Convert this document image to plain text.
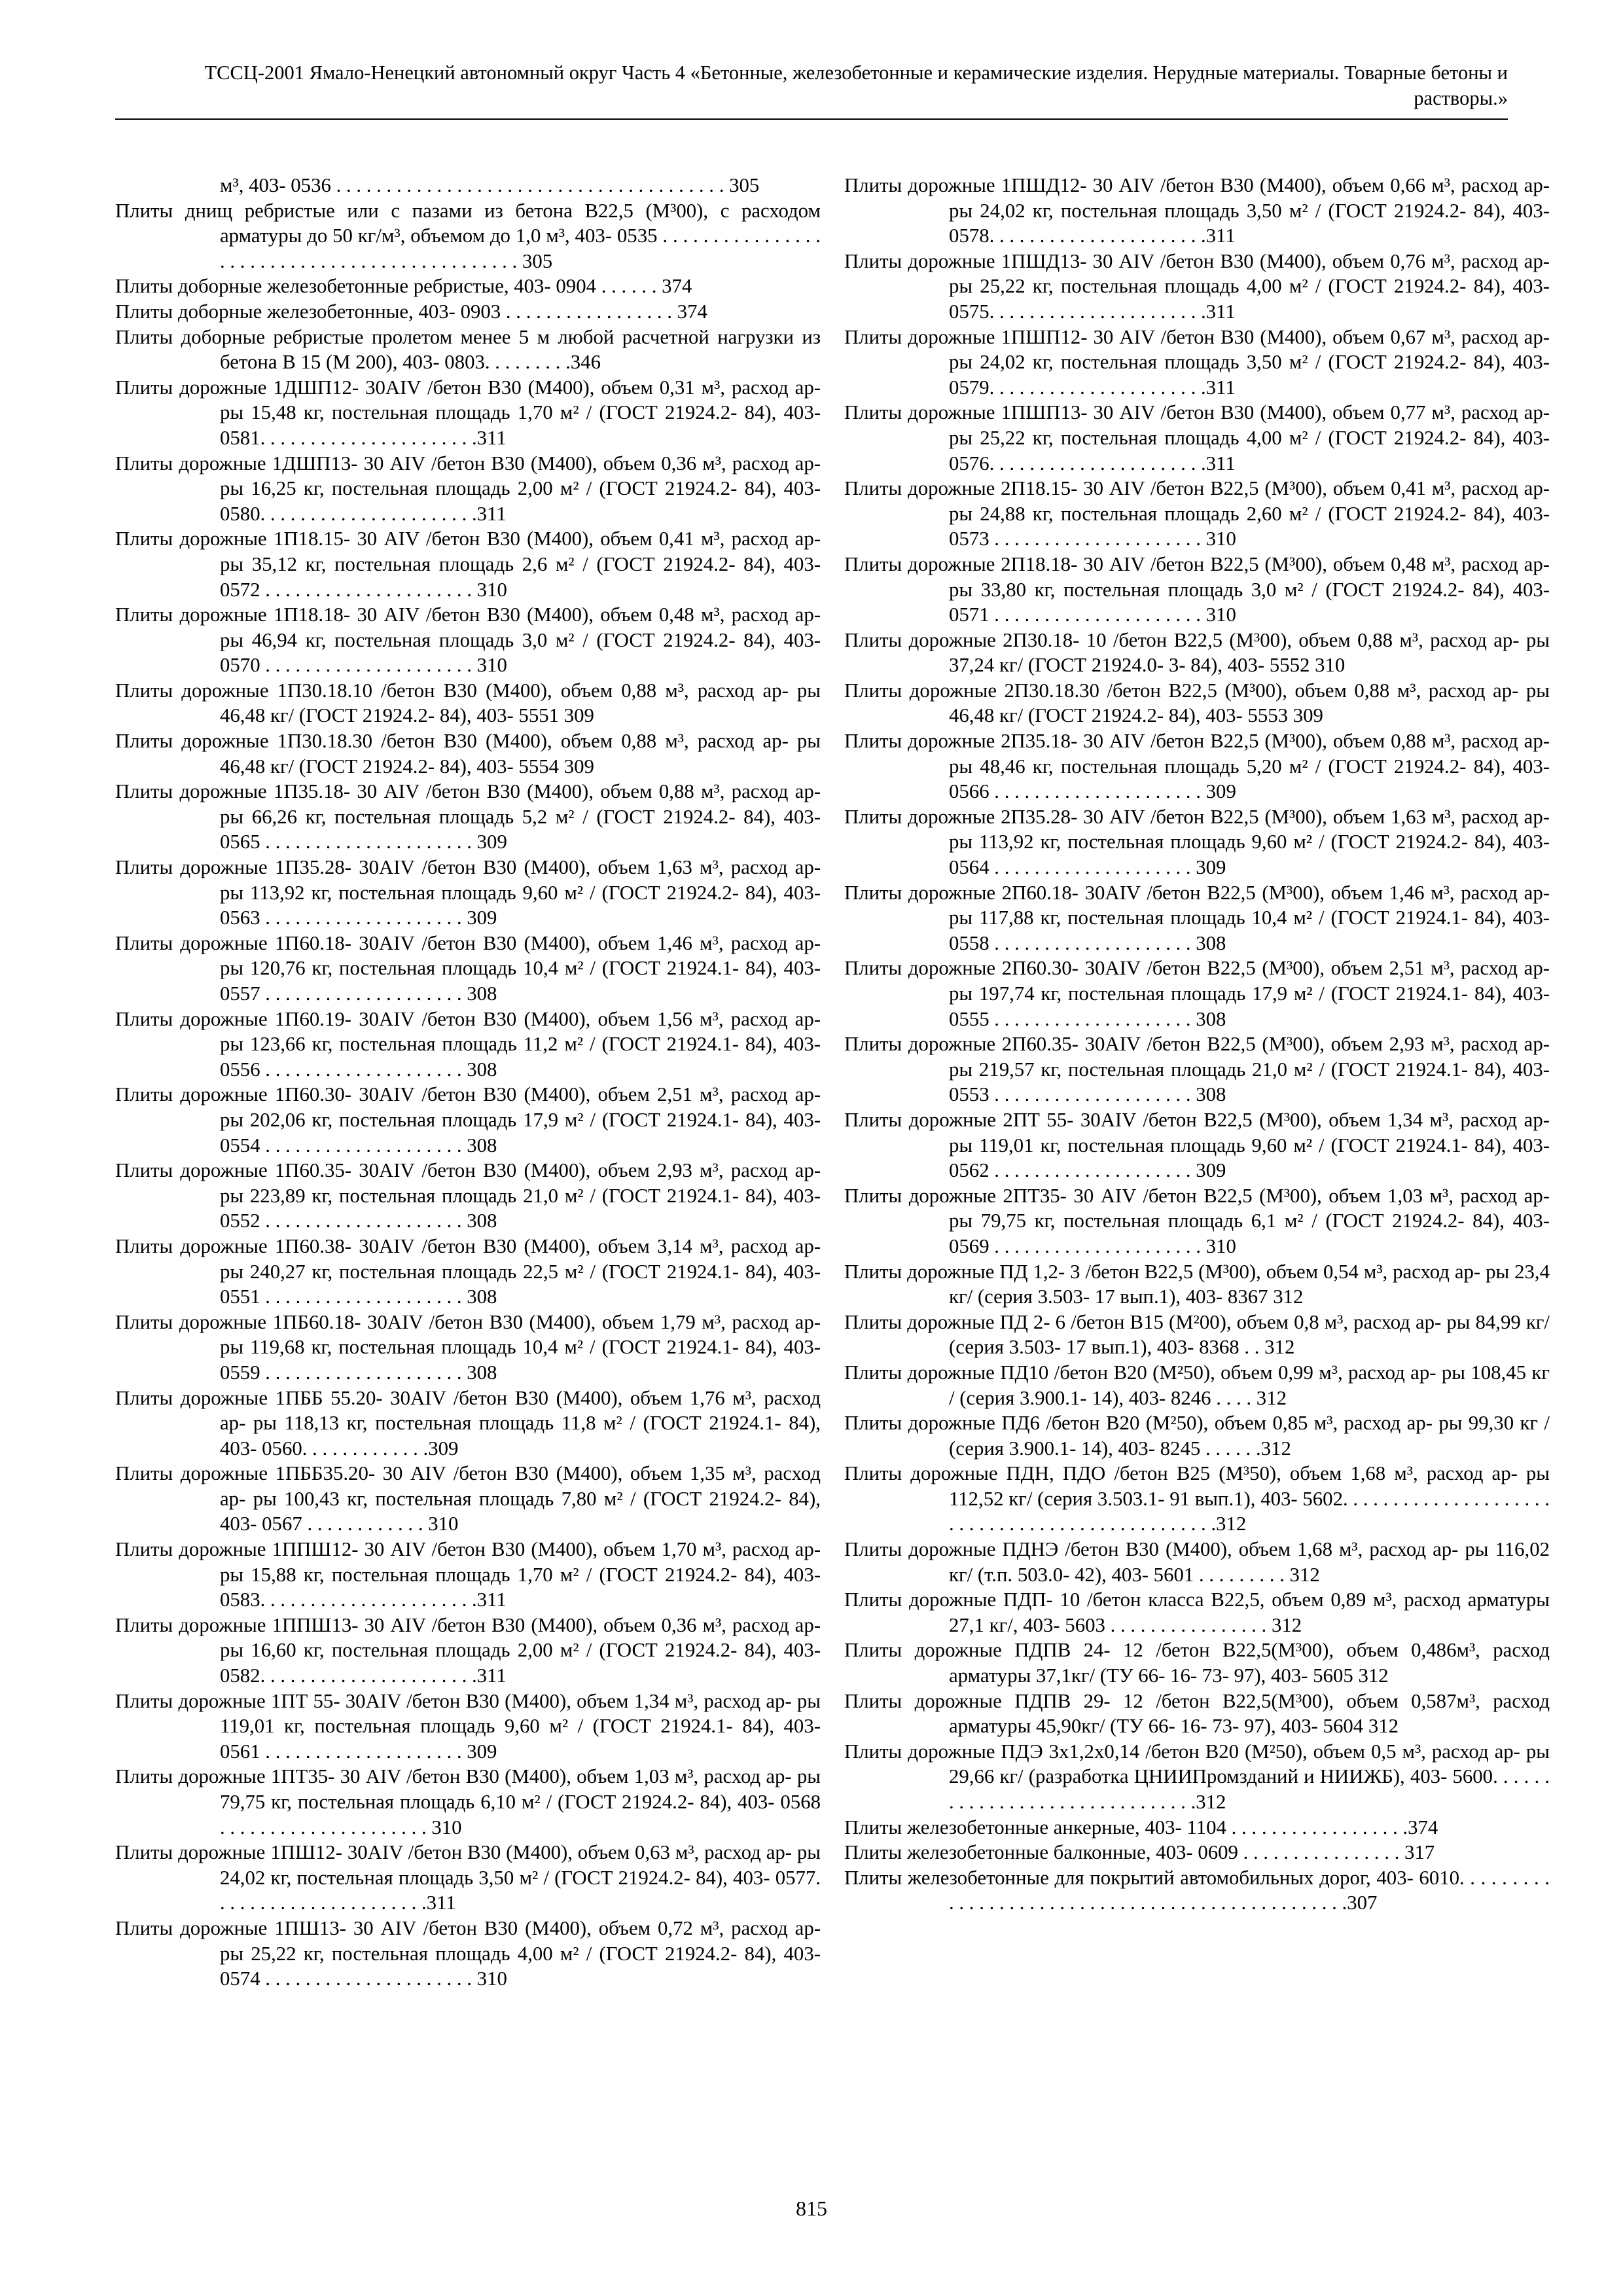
ТССЦ-2001 Ямало-Ненецкий автономный округ Часть 4 «Бетонные, железобетонные и керамические изделия. Нерудные материалы. Товарные бетоны и растворы.»
м³, 403- 0536 . . . . . . . . . . . . . . . . . . . . . . . . . . . . . . . . . . . . . . . 305
Плиты днищ ребристые или с пазами из бетона В22,5 (М³00), с расходом арматуры до 50 кг/м³, объемом до 1,0 м³, 403- 0535 . . . . . . . . . . . . . . . . . . . . . . . . . . . . . . . . . . . . . . . . . . . . . . 305
Плиты доборные железобетонные ребристые, 403- 0904 . . . . . . 374
Плиты доборные железобетонные, 403- 0903 . . . . . . . . . . . . . . . . . 374
Плиты доборные ребристые пролетом менее 5 м любой расчетной нагрузки из бетона В 15 (М 200), 403- 0803. . . . . . . . .346
Плиты дорожные 1ДШП12- 30AIV /бетон В30 (М400), объем 0,31 м³, расход ар- ры 15,48 кг, постельная площадь 1,70 м² / (ГОСТ 21924.2- 84), 403- 0581. . . . . . . . . . . . . . . . . . . . . .311
Плиты дорожные 1ДШП13- 30 AIV /бетон В30 (М400), объем 0,36 м³, расход ар- ры 16,25 кг, постельная площадь 2,00 м² / (ГОСТ 21924.2- 84), 403- 0580. . . . . . . . . . . . . . . . . . . . . .311
Плиты дорожные 1П18.15- 30 AIV /бетон В30 (М400), объем 0,41 м³, расход ар- ры 35,12 кг, постельная площадь 2,6 м² / (ГОСТ 21924.2- 84), 403- 0572 . . . . . . . . . . . . . . . . . . . . . 310
Плиты дорожные 1П18.18- 30 AIV /бетон В30 (М400), объем 0,48 м³, расход ар- ры 46,94 кг, постельная площадь 3,0 м² / (ГОСТ 21924.2- 84), 403- 0570 . . . . . . . . . . . . . . . . . . . . . 310
Плиты дорожные 1П30.18.10 /бетон В30 (М400), объем 0,88 м³, расход ар- ры 46,48 кг/ (ГОСТ 21924.2- 84), 403- 5551 309
Плиты дорожные 1П30.18.30 /бетон В30 (М400), объем 0,88 м³, расход ар- ры 46,48 кг/ (ГОСТ 21924.2- 84), 403- 5554 309
Плиты дорожные 1П35.18- 30 AIV /бетон В30 (М400), объем 0,88 м³, расход ар- ры 66,26 кг, постельная площадь 5,2 м² / (ГОСТ 21924.2- 84), 403- 0565 . . . . . . . . . . . . . . . . . . . . . 309
Плиты дорожные 1П35.28- 30AIV /бетон В30 (М400), объем 1,63 м³, расход ар- ры 113,92 кг, постельная площадь 9,60 м² / (ГОСТ 21924.2- 84), 403- 0563 . . . . . . . . . . . . . . . . . . . . 309
Плиты дорожные 1П60.18- 30AIV /бетон В30 (М400), объем 1,46 м³, расход ар- ры 120,76 кг, постельная площадь 10,4 м² / (ГОСТ 21924.1- 84), 403- 0557 . . . . . . . . . . . . . . . . . . . . 308
Плиты дорожные 1П60.19- 30AIV /бетон В30 (М400), объем 1,56 м³, расход ар- ры 123,66 кг, постельная площадь 11,2 м² / (ГОСТ 21924.1- 84), 403- 0556 . . . . . . . . . . . . . . . . . . . . 308
Плиты дорожные 1П60.30- 30AIV /бетон В30 (М400), объем 2,51 м³, расход ар- ры 202,06 кг, постельная площадь 17,9 м² / (ГОСТ 21924.1- 84), 403- 0554 . . . . . . . . . . . . . . . . . . . . 308
Плиты дорожные 1П60.35- 30AIV /бетон В30 (М400), объем 2,93 м³, расход ар- ры 223,89 кг, постельная площадь 21,0 м² / (ГОСТ 21924.1- 84), 403- 0552 . . . . . . . . . . . . . . . . . . . . 308
Плиты дорожные 1П60.38- 30AIV /бетон В30 (М400), объем 3,14 м³, расход ар- ры 240,27 кг, постельная площадь 22,5 м² / (ГОСТ 21924.1- 84), 403- 0551 . . . . . . . . . . . . . . . . . . . . 308
Плиты дорожные 1ПБ60.18- 30AIV /бетон В30 (М400), объем 1,79 м³, расход ар- ры 119,68 кг, постельная площадь 10,4 м² / (ГОСТ 21924.1- 84), 403- 0559 . . . . . . . . . . . . . . . . . . . . 308
Плиты дорожные 1ПББ 55.20- 30AIV /бетон В30 (М400), объем 1,76 м³, расход ар- ры 118,13 кг, постельная площадь 11,8 м² / (ГОСТ 21924.1- 84), 403- 0560. . . . . . . . . . . . .309
Плиты дорожные 1ПББ35.20- 30 AIV /бетон В30 (М400), объем 1,35 м³, расход ар- ры 100,43 кг, постельная площадь 7,80 м² / (ГОСТ 21924.2- 84), 403- 0567 . . . . . . . . . . . . 310
Плиты дорожные 1ППШ12- 30 AIV /бетон В30 (М400), объем 1,70 м³, расход ар- ры 15,88 кг, постельная площадь 1,70 м² / (ГОСТ 21924.2- 84), 403- 0583. . . . . . . . . . . . . . . . . . . . . .311
Плиты дорожные 1ППШ13- 30 AIV /бетон В30 (М400), объем 0,36 м³, расход ар- ры 16,60 кг, постельная площадь 2,00 м² / (ГОСТ 21924.2- 84), 403- 0582. . . . . . . . . . . . . . . . . . . . . .311
Плиты дорожные 1ПТ 55- 30AIV /бетон В30 (М400), объем 1,34 м³, расход ар- ры 119,01 кг, постельная площадь 9,60 м² / (ГОСТ 21924.1- 84), 403- 0561 . . . . . . . . . . . . . . . . . . . . 309
Плиты дорожные 1ПТ35- 30 AIV /бетон В30 (М400), объем 1,03 м³, расход ар- ры 79,75 кг, постельная площадь 6,10 м² / (ГОСТ 21924.2- 84), 403- 0568 . . . . . . . . . . . . . . . . . . . . . 310
Плиты дорожные 1ПШ12- 30AIV /бетон В30 (М400), объем 0,63 м³, расход ар- ры 24,02 кг, постельная площадь 3,50 м² / (ГОСТ 21924.2- 84), 403- 0577. . . . . . . . . . . . . . . . . . . . . .311
Плиты дорожные 1ПШ13- 30 AIV /бетон В30 (М400), объем 0,72 м³, расход ар- ры 25,22 кг, постельная площадь 4,00 м² / (ГОСТ 21924.2- 84), 403- 0574 . . . . . . . . . . . . . . . . . . . . . 310
Плиты дорожные 1ПШД12- 30 AIV /бетон В30 (М400), объем 0,66 м³, расход ар- ры 24,02 кг, постельная площадь 3,50 м² / (ГОСТ 21924.2- 84), 403- 0578. . . . . . . . . . . . . . . . . . . . . .311
Плиты дорожные 1ПШД13- 30 AIV /бетон В30 (М400), объем 0,76 м³, расход ар- ры 25,22 кг, постельная площадь 4,00 м² / (ГОСТ 21924.2- 84), 403- 0575. . . . . . . . . . . . . . . . . . . . . .311
Плиты дорожные 1ПШП12- 30 AIV /бетон В30 (М400), объем 0,67 м³, расход ар- ры 24,02 кг, постельная площадь 3,50 м² / (ГОСТ 21924.2- 84), 403- 0579. . . . . . . . . . . . . . . . . . . . . .311
Плиты дорожные 1ПШП13- 30 AIV /бетон В30 (М400), объем 0,77 м³, расход ар- ры 25,22 кг, постельная площадь 4,00 м² / (ГОСТ 21924.2- 84), 403- 0576. . . . . . . . . . . . . . . . . . . . . .311
Плиты дорожные 2П18.15- 30 AIV /бетон В22,5 (М³00), объем 0,41 м³, расход ар- ры 24,88 кг, постельная площадь 2,60 м² / (ГОСТ 21924.2- 84), 403- 0573 . . . . . . . . . . . . . . . . . . . . . 310
Плиты дорожные 2П18.18- 30 AIV /бетон В22,5 (М³00), объем 0,48 м³, расход ар- ры 33,80 кг, постельная площадь 3,0 м² / (ГОСТ 21924.2- 84), 403- 0571 . . . . . . . . . . . . . . . . . . . . . 310
Плиты дорожные 2П30.18- 10 /бетон В22,5 (М³00), объем 0,88 м³, расход ар- ры 37,24 кг/ (ГОСТ 21924.0- 3- 84), 403- 5552 310
Плиты дорожные 2П30.18.30 /бетон В22,5 (М³00), объем 0,88 м³, расход ар- ры 46,48 кг/ (ГОСТ 21924.2- 84), 403- 5553 309
Плиты дорожные 2П35.18- 30 AIV /бетон В22,5 (М³00), объем 0,88 м³, расход ар- ры 48,46 кг, постельная площадь 5,20 м² / (ГОСТ 21924.2- 84), 403- 0566 . . . . . . . . . . . . . . . . . . . . . 309
Плиты дорожные 2П35.28- 30 AIV /бетон В22,5 (М³00), объем 1,63 м³, расход ар- ры 113,92 кг, постельная площадь 9,60 м² / (ГОСТ 21924.2- 84), 403- 0564 . . . . . . . . . . . . . . . . . . . . 309
Плиты дорожные 2П60.18- 30AIV /бетон В22,5 (М³00), объем 1,46 м³, расход ар- ры 117,88 кг, постельная площадь 10,4 м² / (ГОСТ 21924.1- 84), 403- 0558 . . . . . . . . . . . . . . . . . . . . 308
Плиты дорожные 2П60.30- 30AIV /бетон В22,5 (М³00), объем 2,51 м³, расход ар- ры 197,74 кг, постельная площадь 17,9 м² / (ГОСТ 21924.1- 84), 403- 0555 . . . . . . . . . . . . . . . . . . . . 308
Плиты дорожные 2П60.35- 30AIV /бетон В22,5 (М³00), объем 2,93 м³, расход ар- ры 219,57 кг, постельная площадь 21,0 м² / (ГОСТ 21924.1- 84), 403- 0553 . . . . . . . . . . . . . . . . . . . . 308
Плиты дорожные 2ПТ 55- 30AIV /бетон В22,5 (М³00), объем 1,34 м³, расход ар- ры 119,01 кг, постельная площадь 9,60 м² / (ГОСТ 21924.1- 84), 403- 0562 . . . . . . . . . . . . . . . . . . . . 309
Плиты дорожные 2ПТ35- 30 AIV /бетон В22,5 (М³00), объем 1,03 м³, расход ар- ры 79,75 кг, постельная площадь 6,1 м² / (ГОСТ 21924.2- 84), 403- 0569 . . . . . . . . . . . . . . . . . . . . . 310
Плиты дорожные ПД 1,2- 3 /бетон В22,5 (М³00), объем 0,54 м³, расход ар- ры 23,4 кг/ (серия 3.503- 17 вып.1), 403- 8367 312
Плиты дорожные ПД 2- 6 /бетон В15 (М²00), объем 0,8 м³, расход ар- ры 84,99 кг/ (серия 3.503- 17 вып.1), 403- 8368 . . 312
Плиты дорожные ПД10 /бетон В20 (М²50), объем 0,99 м³, расход ар- ры 108,45 кг / (серия 3.900.1- 14), 403- 8246 . . . . 312
Плиты дорожные ПД6 /бетон В20 (М²50), объем 0,85 м³, расход ар- ры 99,30 кг / (серия 3.900.1- 14), 403- 8245 . . . . . .312
Плиты дорожные ПДН, ПДО /бетон В25 (М³50), объем 1,68 м³, расход ар- ры 112,52 кг/ (серия 3.503.1- 91 вып.1), 403- 5602. . . . . . . . . . . . . . . . . . . . . . . . . . . . . . . . . . . . . . . . . . . . . . . .312
Плиты дорожные ПДНЭ /бетон В30 (М400), объем 1,68 м³, расход ар- ры 116,02 кг/ (т.п. 503.0- 42), 403- 5601 . . . . . . . . . 312
Плиты дорожные ПДП- 10 /бетон класса В22,5, объем 0,89 м³, расход арматуры 27,1 кг/, 403- 5603 . . . . . . . . . . . . . . . . 312
Плиты дорожные ПДПВ 24- 12 /бетон В22,5(М³00), объем 0,486м³, расход арматуры 37,1кг/ (ТУ 66- 16- 73- 97), 403- 5605 312
Плиты дорожные ПДПВ 29- 12 /бетон В22,5(М³00), объем 0,587м³, расход арматуры 45,90кг/ (ТУ 66- 16- 73- 97), 403- 5604 312
Плиты дорожные ПДЭ 3х1,2х0,14 /бетон В20 (М²50), объем 0,5 м³, расход ар- ры 29,66 кг/ (разработка ЦНИИПромзданий и НИИЖБ), 403- 5600. . . . . . . . . . . . . . . . . . . . . . . . . . . . . . .312
Плиты железобетонные анкерные, 403- 1104 . . . . . . . . . . . . . . . . . .374
Плиты железобетонные балконные, 403- 0609 . . . . . . . . . . . . . . . . 317
Плиты железобетонные для покрытий автомобильных дорог, 403- 6010. . . . . . . . . . . . . . . . . . . . . . . . . . . . . . . . . . . . . . . . . . . . . . . . .307
815
